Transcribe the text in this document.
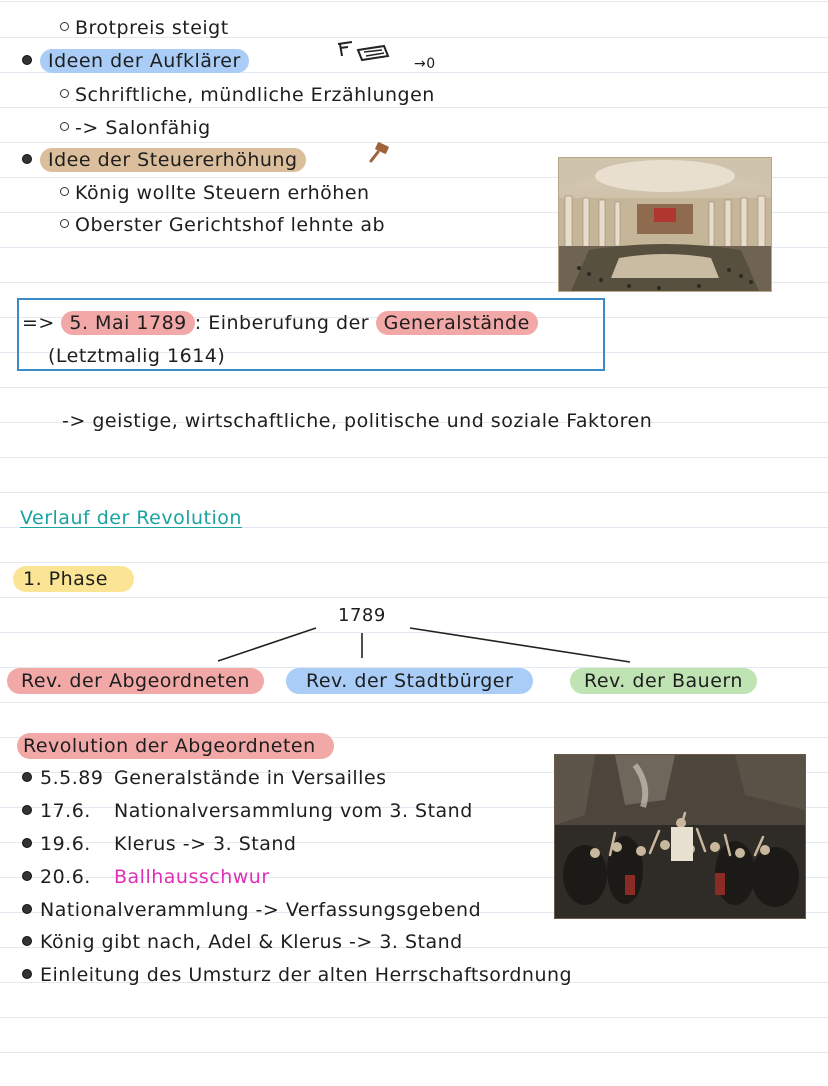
Brotpreis steigt
Ideen der Aufklärer	→0
Schriftliche, mündliche Erzählungen
-> Salonfähig
Idee der Steuererhöhung
König wollte Steuern erhöhen
Oberster Gerichtshof lehnte ab
=> 5. Mai 1789 : Einberufung der Generalstände
(Letztmalig 1614)
-> geistige, wirtschaftliche, politische und soziale Faktoren
Verlauf der Revolution
1. Phase
1789
Rev. der Abgeordneten	Rev. der Stadtbürger	Rev. der Bauern
Revolution der Abgeordneten
5.5.89 Generalstände in Versailles
17.6. Nationalversammlung vom 3. Stand
19.6. Klerus -> 3. Stand
20.6. Ballhausschwur
Nationalverammlung -> Verfassungsgebend
König gibt nach, Adel & Klerus -> 3. Stand
Einleitung des Umsturz der alten Herrschaftsordnung
